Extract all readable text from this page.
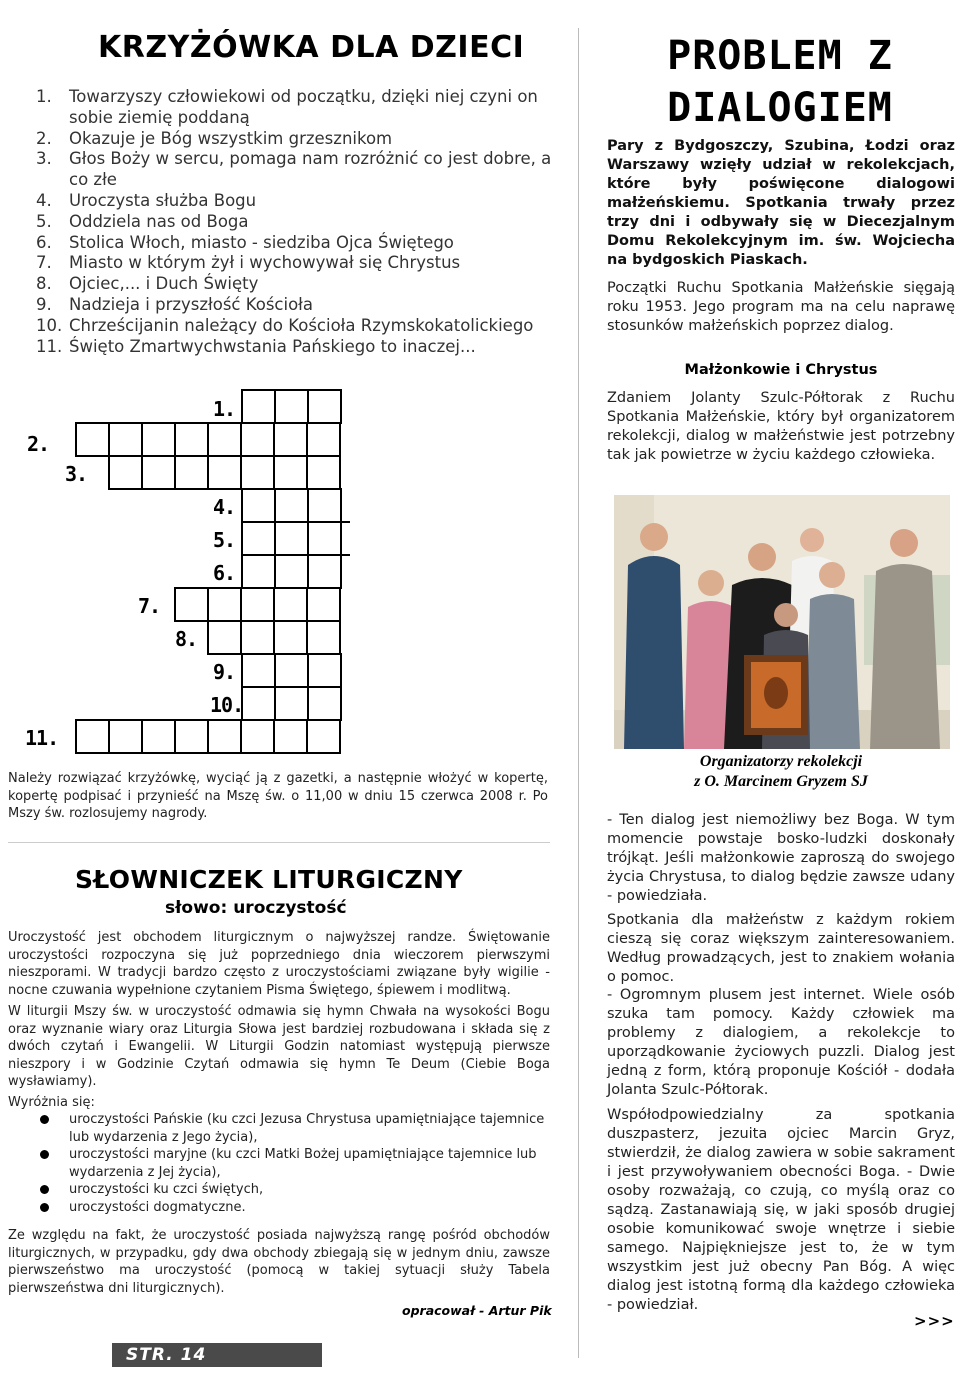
KRZYŻÓWKA DLA DZIECI
1. Towarzyszy człowiekowi od początku, dzięki niej czyni on sobie ziemię poddaną
2. Okazuje je Bóg wszystkim grzesznikom
3. Głos Boży w sercu, pomaga nam rozróżnić co jest dobre, a co złe
4. Uroczysta służba Bogu
5. Oddziela nas od Boga
6. Stolica Włoch, miasto - siedziba Ojca Świętego
7. Miasto w którym żył i wychowywał się Chrystus
8. Ojciec,... i Duch Święty
9. Nadzieja i przyszłość Kościoła
10. Chrześcijanin należący do Kościoła Rzymskokatolickiego
11. Święto Zmartwychwstania Pańskiego to inaczej...
1.
2.
3.
4.
5.
6.
7.
8.
9.
10.
11.
Należy rozwiązać krzyżówkę, wyciąć ją z gazetki, a następnie włożyć w kopertę, kopertę podpisać i przynieść na Mszę św. o 11,00 w dniu 15 czerwca 2008 r. Po Mszy św. rozlosujemy nagrody.
SŁOWNICZEK LITURGICZNY
słowo: uroczystość

Uroczystość jest obchodem liturgicznym o najwyższej randze. Świętowanie uroczystości rozpoczyna się już poprzedniego dnia wieczorem pierwszymi nieszporami. W tradycji bardzo często z uroczystościami związane były wigilie - nocne czuwania wypełnione czytaniem Pisma Świętego, śpiewem i modlitwą.

W liturgii Mszy św. w uroczystość odmawia się hymn Chwała na wysokości Bogu oraz wyznanie wiary oraz Liturgia Słowa jest bardziej rozbudowana i składa się z dwóch czytań i Ewangelii. W Liturgii Godzin natomiast występują pierwsze nieszpory i w Godzinie Czytań odmawia się hymn Te Deum (Ciebie Boga wysławiamy).

Wyróżnia się:

uroczystości Pańskie (ku czci Jezusa Chrystusa upamiętniające tajemnice lub wydarzenia z Jego życia),
uroczystości maryjne (ku czci Matki Bożej upamiętniające tajemnice lub wydarzenia z Jej życia),
uroczystości ku czci świętych,
uroczystości dogmatyczne.

Ze względu na fakt, że uroczystość posiada najwyższą rangę pośród obchodów liturgicznych, w przypadku, gdy dwa obchody zbiegają się w jednym dniu, zawsze pierwszeństwo ma uroczystość (pomocą w takiej sytuacji służy Tabela pierwszeństwa dni liturgicznych).

opracował - Artur Pik
STR. 14
PROBLEM Z DIALOGIEM

Pary z Bydgoszczy, Szubina, Łodzi oraz Warszawy wzięły udział w rekolekcjach, które były poświęcone dialogowi małżeńskiemu. Spotkania trwały przez trzy dni i odbywały się w Diecezjalnym Domu Rekolekcyjnym im. św. Wojciecha na bydgoskich Piaskach.

Początki Ruchu Spotkania Małżeńskie sięgają roku 1953. Jego program ma na celu naprawę stosunków małżeńskich poprzez dialog.

Małżonkowie i Chrystus

Zdaniem Jolanty Szulc-Półtorak z Ruchu Spotkania Małżeńskie, który był organizatorem rekolekcji, dialog w małżeństwie jest potrzebny tak jak powietrze w życiu każdego człowieka.

Organizatorzy rekolekcji
z O. Marcinem Gryzem SJ

- Ten dialog jest niemożliwy bez Boga. W tym momencie powstaje bosko-ludzki doskonały trójkąt. Jeśli małżonkowie zaproszą do swojego życia Chrystusa, to dialog będzie zawsze udany - powiedziała.

Spotkania dla małżeństw z każdym rokiem cieszą się coraz większym zainteresowaniem. Według prowadzących, jest to znakiem wołania o pomoc.

- Ogromnym plusem jest internet. Wiele osób szuka tam pomocy. Każdy człowiek ma problemy z dialogiem, a rekolekcje to uporządkowanie życiowych puzzli. Dialog jest jedną z form, którą proponuje Kościół - dodała Jolanta Szulc-Półtorak.

Współodpowiedzialny za spotkania duszpasterz, jezuita ojciec Marcin Gryz, stwierdził, że dialog zawiera w sobie sakrament i jest przywoływaniem obecności Boga. - Dwie osoby rozważają, co czują, co myślą oraz co sądzą. Zastanawiają się, w jaki sposób drugiej osobie komunikować swoje wnętrze i siebie samego. Najpiękniejsze jest to, że w tym wszystkim jest już obecny Pan Bóg. A więc dialog jest istotną formą dla każdego człowieka - powiedział.

>>>
